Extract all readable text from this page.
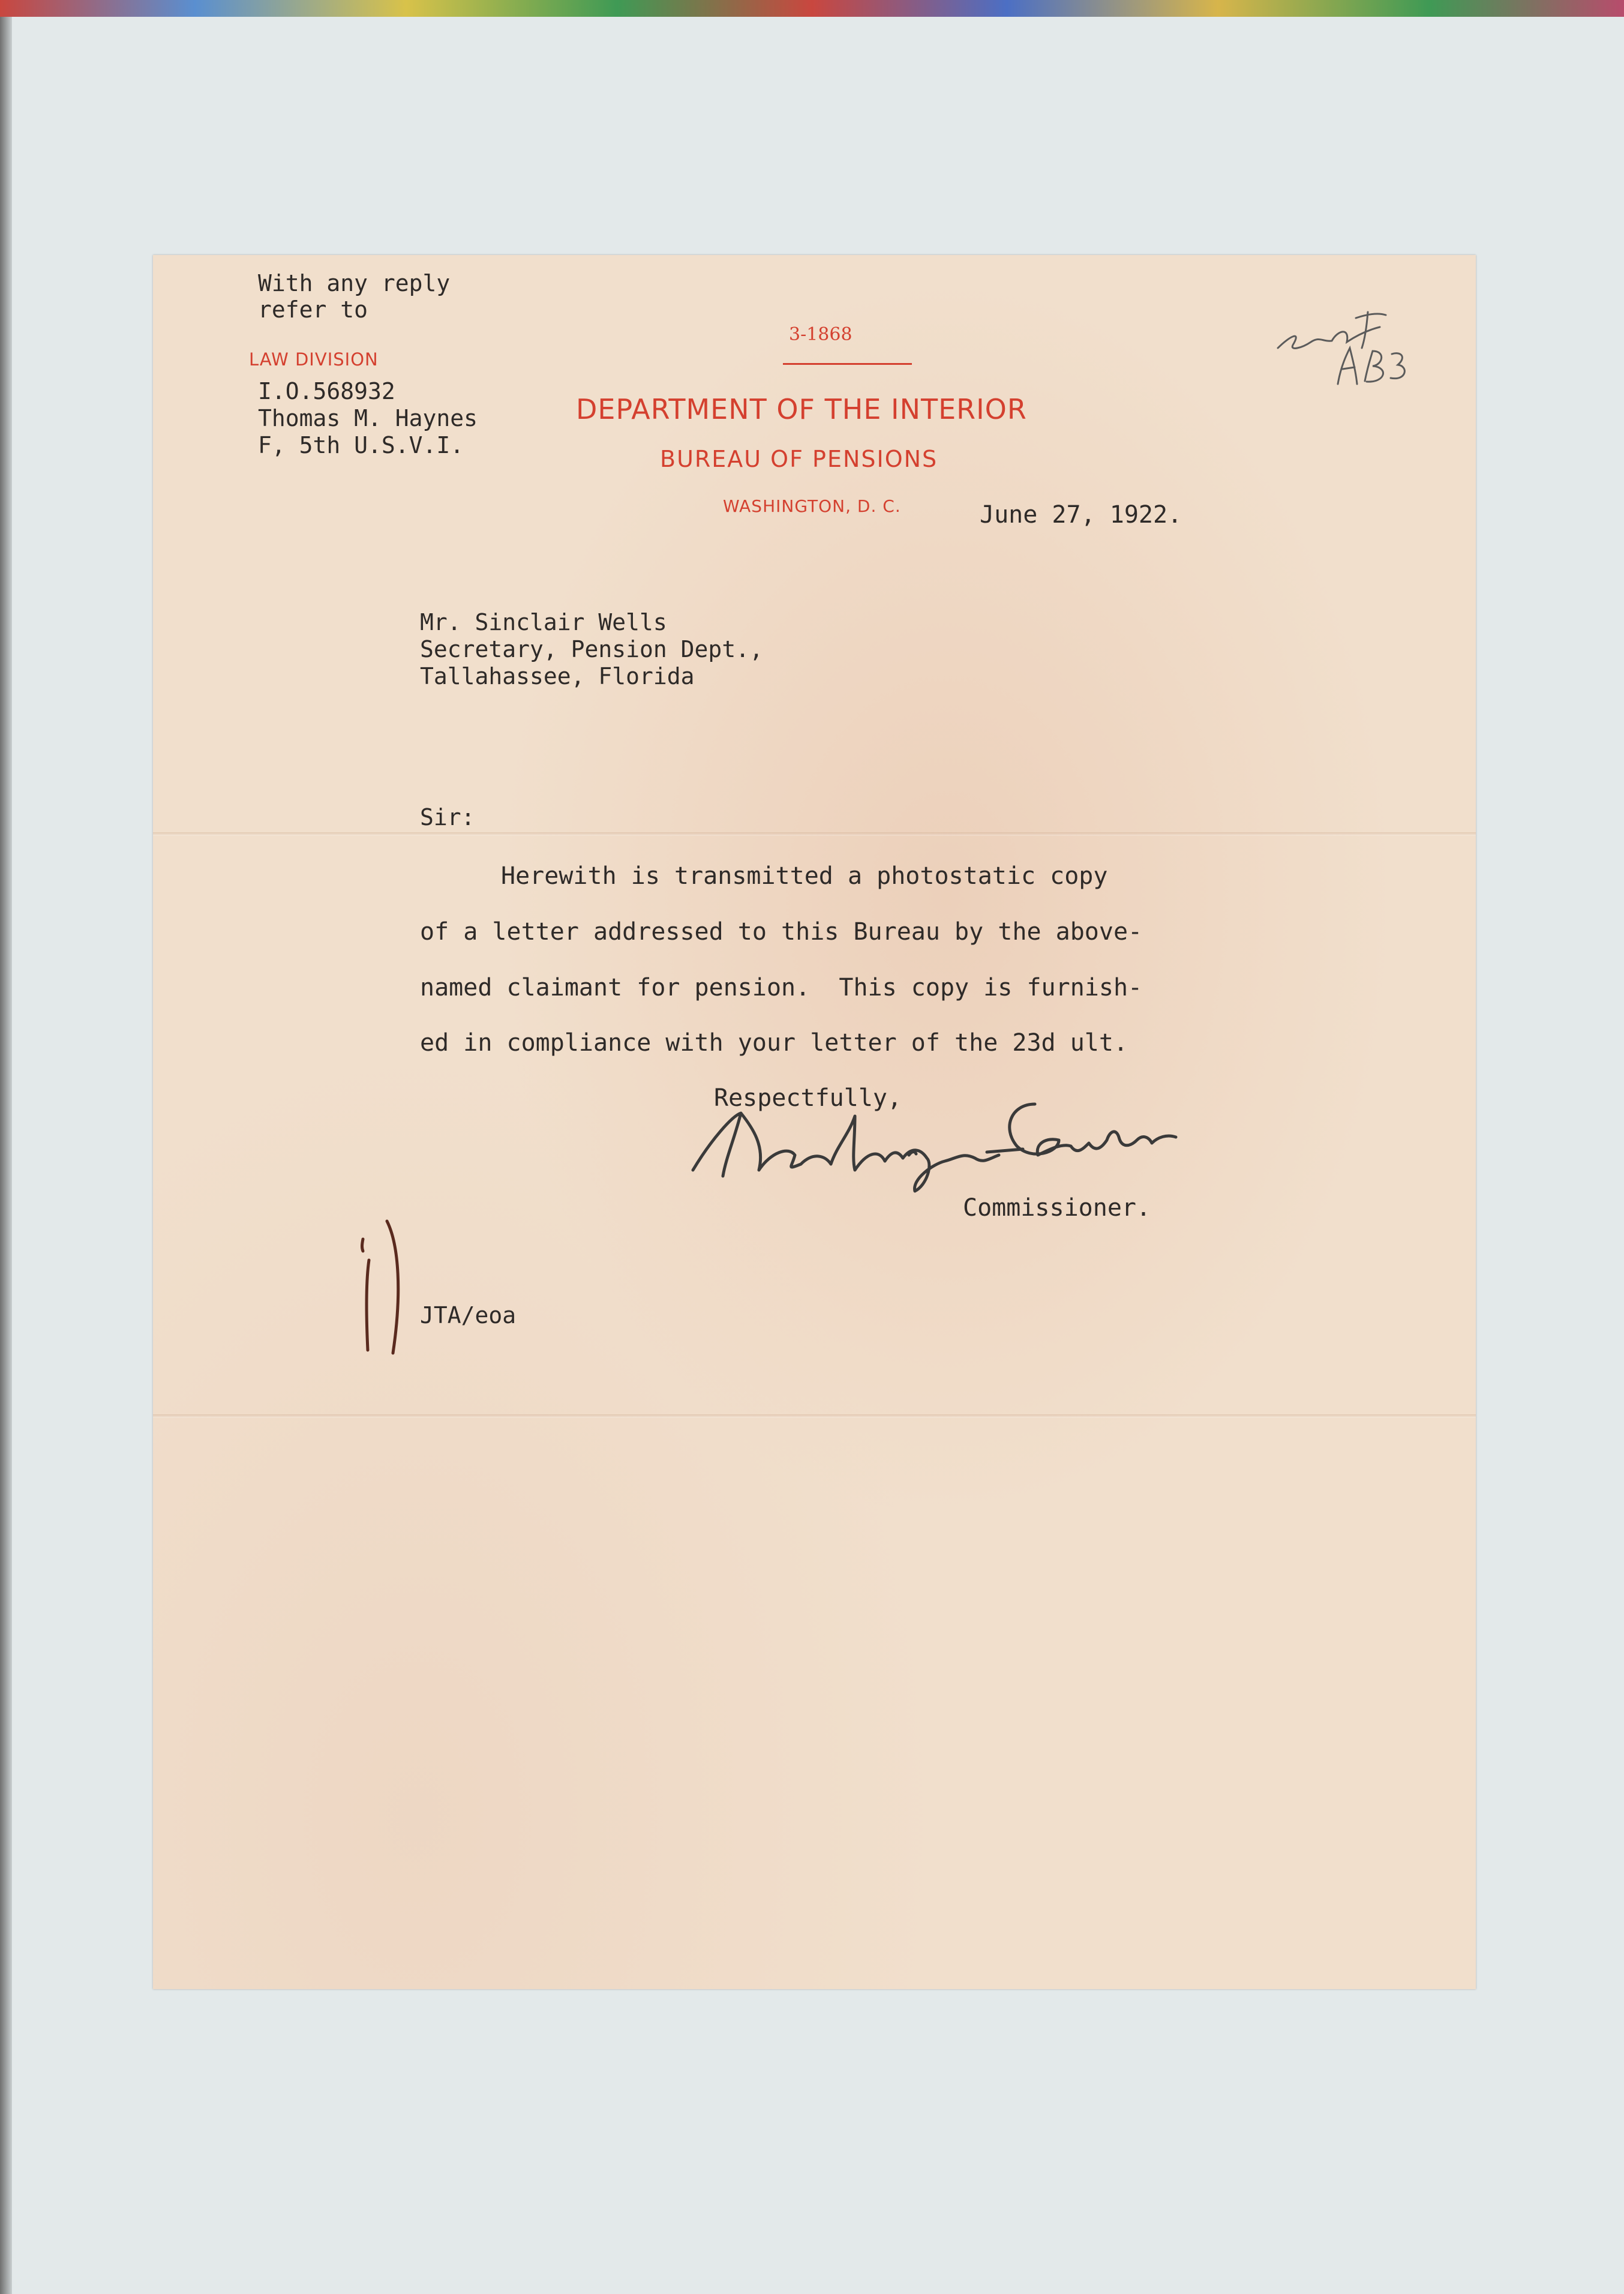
With any reply
refer to
LAW DIVISION
I.O.568932
Thomas M. Haynes
F, 5th U.S.V.I.
3-1868
DEPARTMENT OF THE INTERIOR
BUREAU OF PENSIONS
WASHINGTON, D. C.	June 27, 1922.
Mr. Sinclair Wells
Secretary, Pension Dept.,
Tallahassee, Florida
Sir:
Herewith is transmitted a photostatic copy
of a letter addressed to this Bureau by the above-
named claimant for pension.  This copy is furnish-
ed in compliance with your letter of the 23d ult.
Respectfully,
Commissioner.
JTA/eoa
